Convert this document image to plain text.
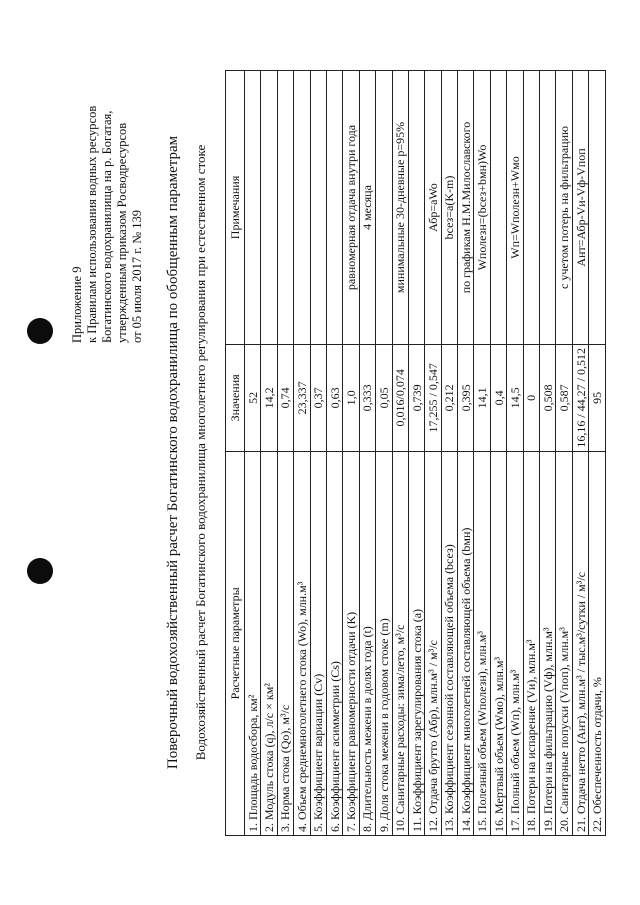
Приложение 9 к Правилам использования водных ресурсов Богатинского водохранилища на р. Богатая, утвержденным приказом Росводресурсов от 05 июля 2017 г. № 139 Поверочный водохозяйственный расчет Богатинского водохранилища по обобщенным параметрам Водохозяйственный расчет Богатинского водохранилища многолетнего регулирования при естественном стоке Расчетные параметры	Значения	Примечания
1. Площадь водосбора, км²	52	
2. Модуль стока (q), л/с × км²	14,2	
3. Норма стока (Qo), м³/с	0,74	
4. Объем среднемноголетнего стока (Wo), млн.м³	23,337	
5. Коэффициент вариации (Cv)	0,37	
6. Коэффициент асимметрии (Cs)	0,63	
7. Коэффициент равномерности отдачи (K)	1,0	равномерная отдача внутри года
8. Длительность межени в долях года (t)	0,333	4 месяца
9. Доля стока межени в годовом стоке (m)	0,05	
10. Санитарные расходы: зима/лето, м³/с	0,016/0,074	минимальные 30-дневные р=95%
11. Коэффициент зарегулирования стока (a)	0,739	
12. Отдача брутто (Абр), млн.м³ / м³/с	17,255 / 0,547	Абр=aWo
13. Коэффициент сезонной составляющей объема (bсез)	0,212	bсез=a(K-m)
14. Коэффициент многолетней составляющей объема (bмн)	0,395	по графикам Н.М.Милославского
15. Полезный объем (Wполезн), млн.м³	14,1	Wполезн=(bсез+bмн)Wo
16. Мертвый объем (Wмо), млн.м³	0,4	
17. Полный объем (Wп), млн.м³	14,5	Wп=Wполезн+Wмо
18. Потери на испарение (Vи), млн.м³	0	
19. Потери на фильтрацию (Vф), млн.м³	0,508	
20. Санитарные попуски (Vпоп), млн.м³	0,587	с учетом потерь на фильтрацию
21. Отдача нетто (Ант), млн.м³ / тыс.м³/сутки / м³/с	16,16 / 44,27 / 0,512	Ант=Абр-Vи-Vф-Vпоп
22. Обеспеченность отдачи, %	95	
